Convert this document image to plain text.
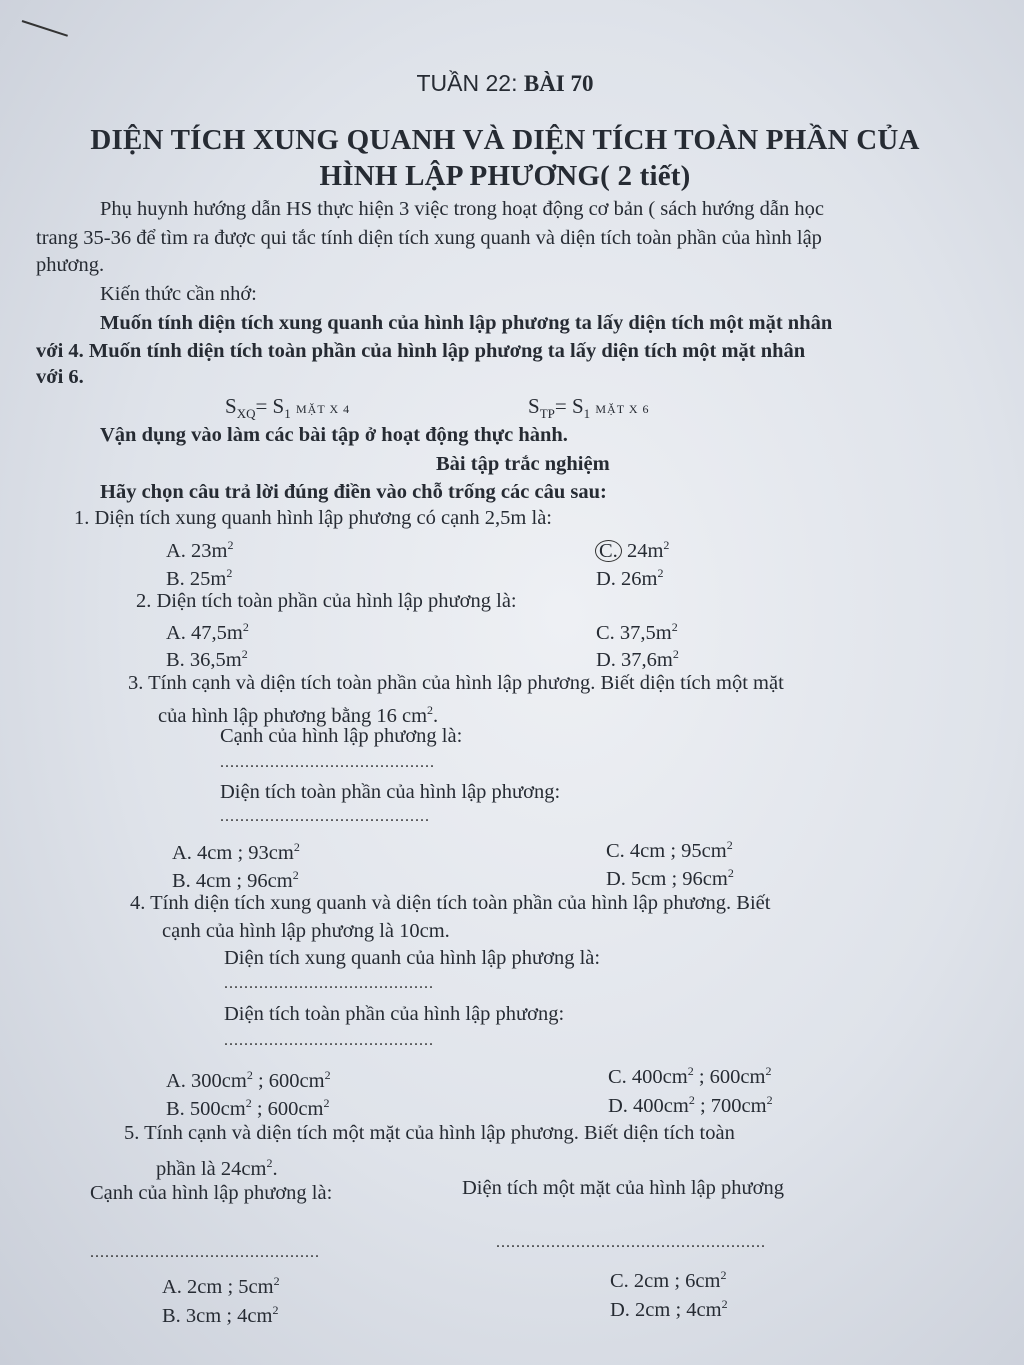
TUẦN 22: BÀI 70
DIỆN TÍCH XUNG QUANH VÀ DIỆN TÍCH TOÀN PHẦN CỦA
HÌNH LẬP PHƯƠNG( 2 tiết)
Phụ huynh hướng dẫn HS thực hiện 3 việc trong hoạt động cơ bản ( sách hướng dẫn học
trang 35-36 để tìm ra được qui tắc tính diện tích xung quanh và diện tích toàn phần của hình lập
phương.
Kiến thức cần nhớ:
Muốn tính diện tích xung quanh của hình lập phương ta lấy diện tích một mặt nhân
với 4. Muốn tính diện tích toàn phần của hình lập phương ta lấy diện tích một mặt nhân
với 6.
$S_{XQ}= S_1$ MẶT X 4	$S_{TP}= S_1$ MẶT X 6
Vận dụng vào làm các bài tập ở hoạt động thực hành.
Bài tập trắc nghiệm
Hãy chọn câu trả lời đúng điền vào chỗ trống các câu sau:
1. Diện tích xung quanh hình lập phương có cạnh 2,5m là:
A. $23m^2$
B. $25m^2$
C. $24m^2$
D. $26m^2$
2. Diện tích toàn phần của hình lập phương là:
A. $47,5m^2$
B. $36,5m^2$
C. $37,5m^2$
D. $37,6m^2$
3. Tính cạnh và diện tích toàn phần của hình lập phương. Biết diện tích một mặt
của hình lập phương bằng 16 $cm^2$.
Cạnh của hình lập phương là:
...........................................
Diện tích toàn phần của hình lập phương:
..........................................
A. 4cm ; $93cm^2$
B. 4cm ; $96cm^2$
C. 4cm ; $95cm^2$
D. 5cm ; $96cm^2$
4. Tính diện tích xung quanh và diện tích toàn phần của hình lập phương. Biết
cạnh của hình lập phương là 10cm.
Diện tích xung quanh của hình lập phương là:
..........................................
Diện tích toàn phần của hình lập phương:
..........................................
A. $300cm^2$ ; $600cm^2$
B. $500cm^2$ ; $600cm^2$
C. $400cm^2$ ; $600cm^2$
D. $400cm^2$ ; $700cm^2$
5. Tính cạnh và diện tích một mặt của hình lập phương. Biết diện tích toàn
phần là $24cm^2$.
Cạnh của hình lập phương là:	Diện tích một mặt của hình lập phương
..............................................
......................................................
A. 2cm ; $5cm^2$
B. 3cm ; $4cm^2$
C. 2cm ; $6cm^2$
D. 2cm ; $4cm^2$
